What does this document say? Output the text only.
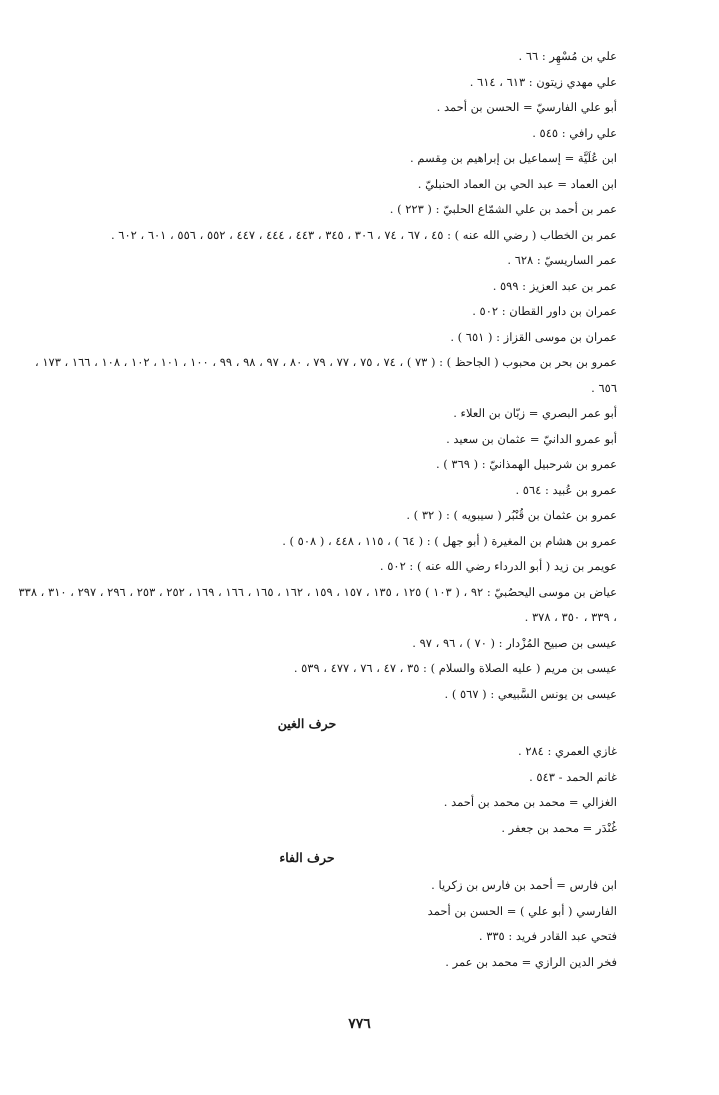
علي بن مُسْهِر : ٦٦ .
علي مهدي زيتون : ٦١٣ ، ٦١٤ .
أبو علي الفارسيّ = الحسن بن أحمد .
علي رافي : ٥٤٥ .
ابن عُلَيَّة = إسماعيل بن إبراهيم بن مِقسم .
ابن العماد = عبد الحي بن العماد الحنبليّ .
عمر بن أحمد بن علي الشمّاع الحلبيّ : ( ٢٢٣ ) .
عمر بن الخطاب ( رضي الله عنه ) : ٤٥ ، ٦٧ ، ٧٤ ، ٣٠٦ ، ٣٤٥ ، ٤٤٣ ، ٤٤٤ ، ٤٤٧ ، ٥٥٢ ، ٥٥٦ ، ٦٠١ ، ٦٠٢ .
عمر الساريسيّ : ٦٢٨ .
عمر بن عبد العزيز : ٥٩٩ .
عمران بن داور القطان : ٥٠٢ .
عمران بن موسى القزاز : ( ٦٥١ ) .
عمرو بن بحر بن محبوب ( الجاحظ ) : ( ٧٣ ) ، ٧٤ ، ٧٥ ، ٧٧ ، ٧٩ ، ٨٠ ، ٩٧ ، ٩٨ ، ٩٩ ، ١٠٠ ، ١٠١ ، ١٠٢ ، ١٠٨ ، ١٦٦ ، ١٧٣ ، ٦٥٦ .
أبو عمر البصري = زبّان بن العلاء .
أبو عمرو الدانيّ = عثمان بن سعيد .
عمرو بن شرحبيل الهمذانيّ : ( ٣٦٩ ) .
عمرو بن عُبيد : ٥٦٤ .
عمرو بن عثمان بن قُنْبُر ( سيبويه ) : ( ٣٢ ) .
عمرو بن هشام بن المغيرة ( أبو جهل ) : ( ٦٤ ) ، ١١٥ ، ٤٤٨ ، ( ٥٠٨ ) .
عويمر بن زيد ( أبو الدرداء رضي الله عنه ) : ٥٠٢ .
عياض بن موسى اليحصُبيّ : ٩٢ ، ( ١٠٣ ) ١٢٥ ، ١٣٥ ، ١٥٧ ، ١٥٩ ، ١٦٢ ، ١٦٥ ، ١٦٦ ، ١٦٩ ، ٢٥٢ ، ٢٥٣ ، ٢٩٦ ، ٢٩٧ ، ٣١٠ ، ٣٣٨ ، ٣٣٩ ، ٣٥٠ ، ٣٧٨ .
عيسى بن صبيح المُزْدار : ( ٧٠ ) ، ٩٦ ، ٩٧ .
عيسى بن مريم ( عليه الصلاة والسلام ) : ٣٥ ، ٤٧ ، ٧٦ ، ٤٧٧ ، ٥٣٩ .
عيسى بن يونس السَّبيعي : ( ٥٦٧ ) .
حرف الغين
غازي العمري : ٢٨٤ .
غانم الحمد - ٥٤٣ .
الغزالي = محمد بن محمد بن أحمد .
غُنْدَر = محمد بن جعفر .
حرف الفاء
ابن فارس = أحمد بن فارس بن زكريا .
الفارسي ( أبو علي ) = الحسن بن أحمد
فتحي عبد القادر فريد : ٣٣٥ .
فخر الدين الرازي = محمد بن عمر .
٧٧٦
